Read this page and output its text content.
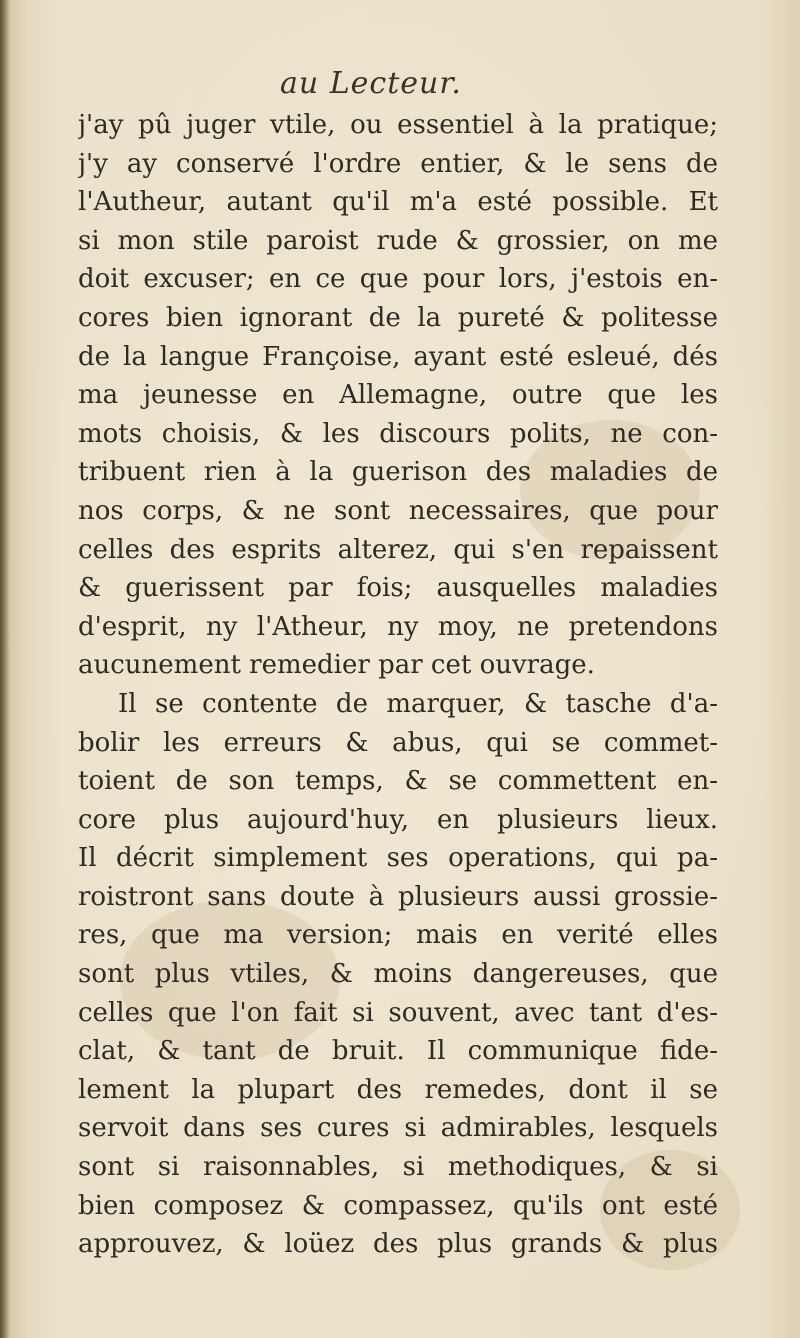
au Lecteur.
j'ay pû juger vtile, ou essentiel à la pratique;
j'y ay conservé l'ordre entier, & le sens de
l'Autheur, autant qu'il m'a esté possible. Et
si mon stile paroist rude & grossier, on me
doit excuser; en ce que pour lors, j'estois en-
cores bien ignorant de la pureté & politesse
de la langue Françoise, ayant esté esleué, dés
ma jeunesse en Allemagne, outre que les
mots choisis, & les discours polits, ne con-
tribuent rien à la guerison des maladies de
nos corps, & ne sont necessaires, que pour
celles des esprits alterez, qui s'en repaissent
& guerissent par fois; ausquelles maladies
d'esprit, ny l'Atheur, ny moy, ne pretendons
aucunement remedier par cet ouvrage.
Il se contente de marquer, & tasche d'a-
bolir les erreurs & abus, qui se commet-
toient de son temps, & se commettent en-
core plus aujourd'huy, en plusieurs lieux.
Il décrit simplement ses operations, qui pa-
roistront sans doute à plusieurs aussi grossie-
res, que ma version; mais en verité elles
sont plus vtiles, & moins dangereuses, que
celles que l'on fait si souvent, avec tant d'es-
clat, & tant de bruit. Il communique fide-
lement la plupart des remedes, dont il se
servoit dans ses cures si admirables, lesquels
sont si raisonnables, si methodiques, & si
bien composez & compassez, qu'ils ont esté
approuvez, & loüez des plus grands & plus
